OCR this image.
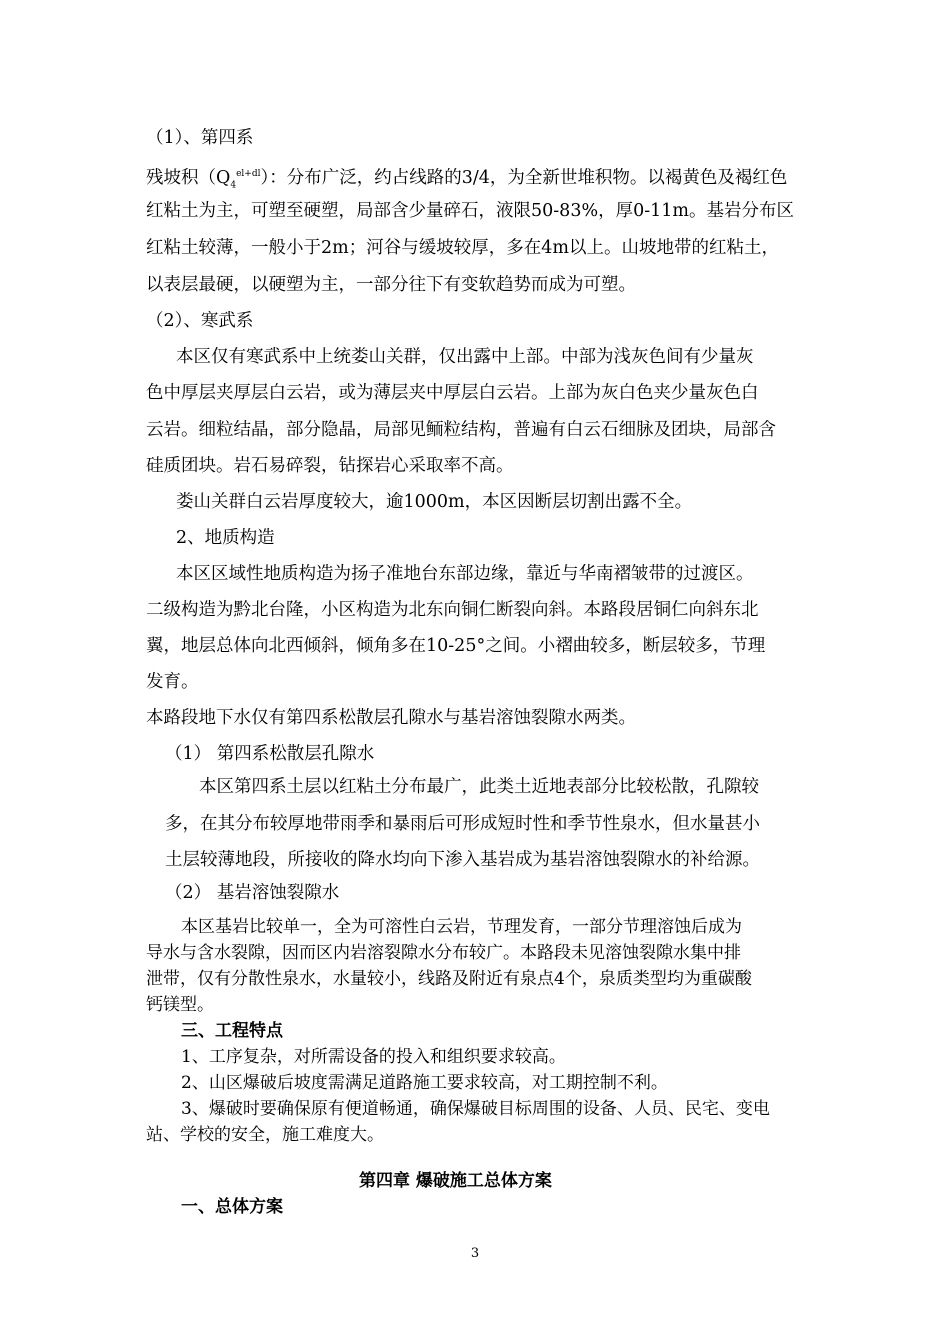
（1）、第四系
残坡积$(Q_4^{el+dl})$：分布广泛，约占线路的3/4，为全新世堆积物。以褐黄色及褐红色
红粘土为主，可塑至硬塑，局部含少量碎石，液限50-83%，厚0-11m。基岩分布区
红粘土较薄，一般小于2m；河谷与缓坡较厚，多在4m以上。山坡地带的红粘土，
以表层最硬，以硬塑为主，一部分往下有变软趋势而成为可塑。
（2）、寒武系
本区仅有寒武系中上统娄山关群，仅出露中上部。中部为浅灰色间有少量灰
色中厚层夹厚层白云岩，或为薄层夹中厚层白云岩。上部为灰白色夹少量灰色白
云岩。细粒结晶，部分隐晶，局部见鲕粒结构，普遍有白云石细脉及团块，局部含
硅质团块。岩石易碎裂，钻探岩心采取率不高。
娄山关群白云岩厚度较大，逾1000m，本区因断层切割出露不全。
2、地质构造
本区区域性地质构造为扬子准地台东部边缘，靠近与华南褶皱带的过渡区。
二级构造为黔北台隆，小区构造为北东向铜仁断裂向斜。本路段居铜仁向斜东北
翼，地层总体向北西倾斜，倾角多在10-25°之间。小褶曲较多，断层较多，节理
发育。
本路段地下水仅有第四系松散层孔隙水与基岩溶蚀裂隙水两类。
（1） 第四系松散层孔隙水
本区第四系土层以红粘土分布最广，此类土近地表部分比较松散，孔隙较
多，在其分布较厚地带雨季和暴雨后可形成短时性和季节性泉水，但水量甚小
土层较薄地段，所接收的降水均向下渗入基岩成为基岩溶蚀裂隙水的补给源。
（2） 基岩溶蚀裂隙水
本区基岩比较单一，全为可溶性白云岩，节理发育，一部分节理溶蚀后成为
导水与含水裂隙，因而区内岩溶裂隙水分布较广。本路段未见溶蚀裂隙水集中排
泄带，仅有分散性泉水，水量较小，线路及附近有泉点4个，泉质类型均为重碳酸
钙镁型。
三、工程特点
1、工序复杂，对所需设备的投入和组织要求较高。
2、山区爆破后坡度需满足道路施工要求较高，对工期控制不利。
3、爆破时要确保原有便道畅通，确保爆破目标周围的设备、人员、民宅、变电
站、学校的安全，施工难度大。
第四章 爆破施工总体方案
一、总体方案
3
